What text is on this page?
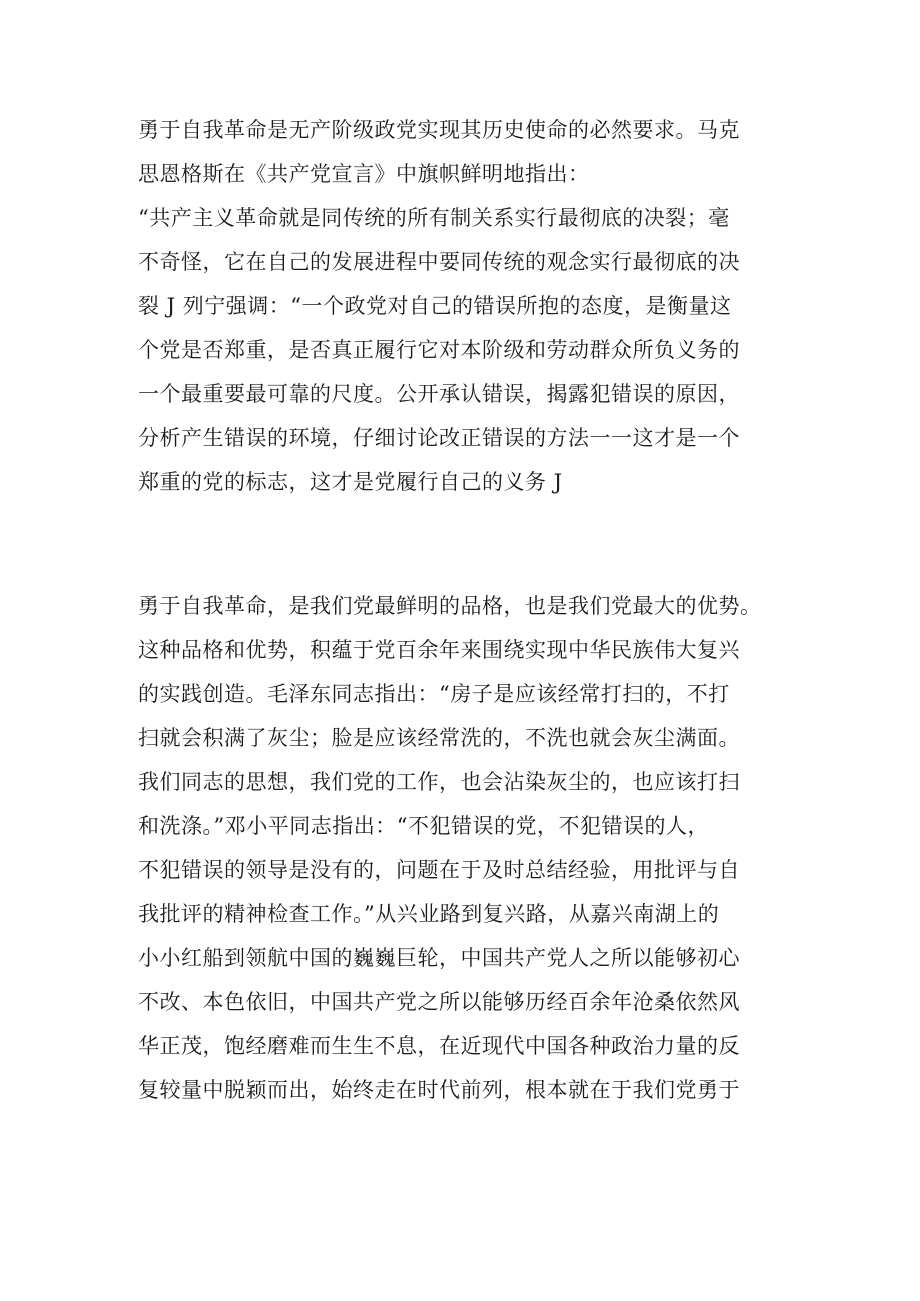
勇于自我革命是无产阶级政党实现其历史使命的必然要求。马克
思恩格斯在《共产党宣言》中旗帜鲜明地指出：
“共产主义革命就是同传统的所有制关系实行最彻底的决裂；毫
不奇怪，它在自己的发展进程中要同传统的观念实行最彻底的决
裂 J 列宁强调：“一个政党对自己的错误所抱的态度，是衡量这
个党是否郑重，是否真正履行它对本阶级和劳动群众所负义务的
一个最重要最可靠的尺度。公开承认错误，揭露犯错误的原因，
分析产生错误的环境，仔细讨论改正错误的方法一一这才是一个
郑重的党的标志，这才是党履行自己的义务 J
勇于自我革命，是我们党最鲜明的品格，也是我们党最大的优势。
这种品格和优势，积蕴于党百余年来围绕实现中华民族伟大复兴
的实践创造。毛泽东同志指出：“房子是应该经常打扫的，不打
扫就会积满了灰尘；脸是应该经常洗的，不洗也就会灰尘满面。
我们同志的思想，我们党的工作，也会沾染灰尘的，也应该打扫
和洗涤。”邓小平同志指出：“不犯错误的党，不犯错误的人，
不犯错误的领导是没有的，问题在于及时总结经验，用批评与自
我批评的精神检查工作。”从兴业路到复兴路，从嘉兴南湖上的
小小红船到领航中国的巍巍巨轮，中国共产党人之所以能够初心
不改、本色依旧，中国共产党之所以能够历经百余年沧桑依然风
华正茂，饱经磨难而生生不息，在近现代中国各种政治力量的反
复较量中脱颖而出，始终走在时代前列，根本就在于我们党勇于
